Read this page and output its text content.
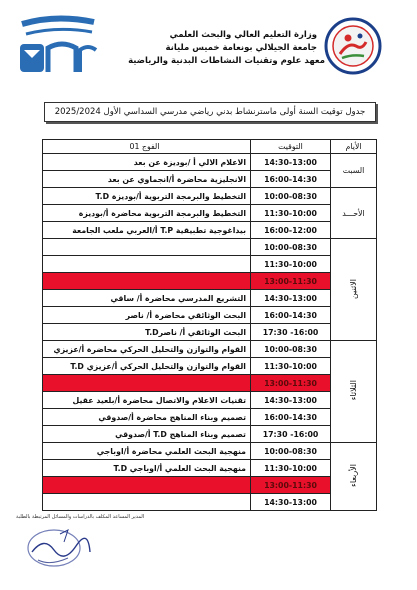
وزارة التعليم العالي والبحث العلمي
جامعة الجيلالي بونعامة خميس مليانة
معهد علوم وتقنيات النشاطات البدنية والرياضية
جدول توقيت السنة أولى ماسترنشاط بدني رياضي مدرسي السداسي الأول 2025/2024
الأيام	التوقيت	الفوج 01
السبت	14:30-13:00	الاعلام الالي أ /بوديزة عن بعد
	16:00-14:30	الانجليزية محاضرة أ/انجماوي عن بعد
الأحـــد	10:00-08:30	التخطيط والبرمجة التربوية أ/بوديزة T.D
	11:30-10:00	التخطيط والبرمجة التربوية محاضرة أ/بوديزة
	16:00-12:00	بيداغوجية تطبيقية T.P أ/العربي ملعب الجامعة
الاثنين	10:00-08:30	
	11:30-10:00	
	13:00-11:30	
	14:30-13:00	التشريع المدرسي محاضرة أ/ ساقي
	16:00-14:30	البحث الوثائقي محاضرة أ/ ناصر
	17:30 -16:00	البحث الوثائقي أ/ ناصرT.D
الثلاثاء	10:00-08:30	القوام والتوازن والتحليل الحركي محاضرة أ/عزيزي
	11:30-10:00	القوام والتوازن والتحليل الحركي أ/عزيزي T.D
	13:00-11:30	
	14:30-13:00	تقنيات الاعلام والاتصال محاضرة أ/بلعيد عقيل
	16:00-14:30	تصميم وبناء المناهج محاضرة أ/صدوقي
	17:30 -16:00	تصميم وبناء المناهج T.D أ/صدوقي
الأربعاء	10:00-08:30	منهجية البحث العلمي محاضرة أ/اوباجي
	11:30-10:00	منهجية البحث العلمي أ/اوباجي T.D
	13:00-11:30	
	14:30-13:00	
المدير المساعد المكلف بالدراسات والمسائل المرتبطة بالطلبة
